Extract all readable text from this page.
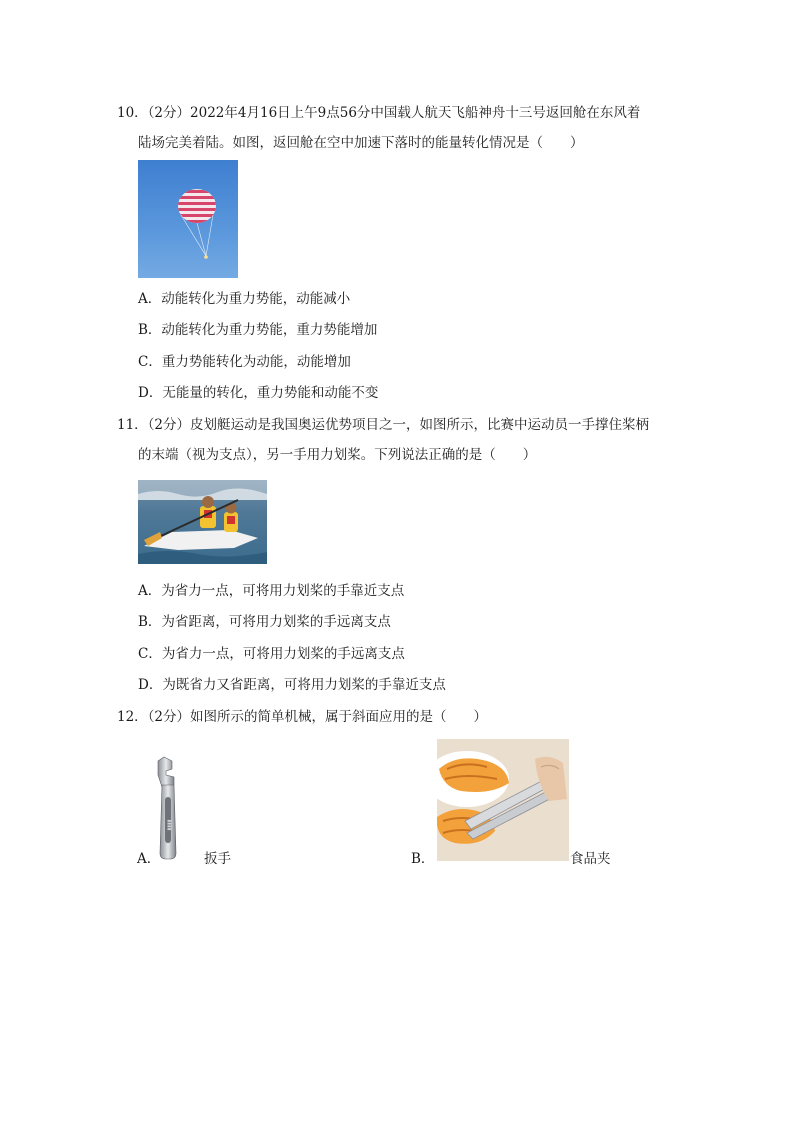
10．（2分）2022年4月16日上午9点56分中国载人航天飞船神舟十三号返回舱在东风着
陆场完美着陆。如图，返回舱在空中加速下落时的能量转化情况是（　　）
A．动能转化为重力势能，动能减小
B．动能转化为重力势能，重力势能增加
C．重力势能转化为动能，动能增加
D．无能量的转化，重力势能和动能不变
11．（2分）皮划艇运动是我国奥运优势项目之一，如图所示，比赛中运动员一手撑住桨柄
的末端（视为支点），另一手用力划桨。下列说法正确的是（　　）
A．为省力一点，可将用力划桨的手靠近支点
B．为省距离，可将用力划桨的手远离支点
C．为省力一点，可将用力划桨的手远离支点
D．为既省力又省距离，可将用力划桨的手靠近支点
12．（2分）如图所示的简单机械，属于斜面应用的是（　　）
A．
▮▮▮▮
扳手	B．	食品夹
